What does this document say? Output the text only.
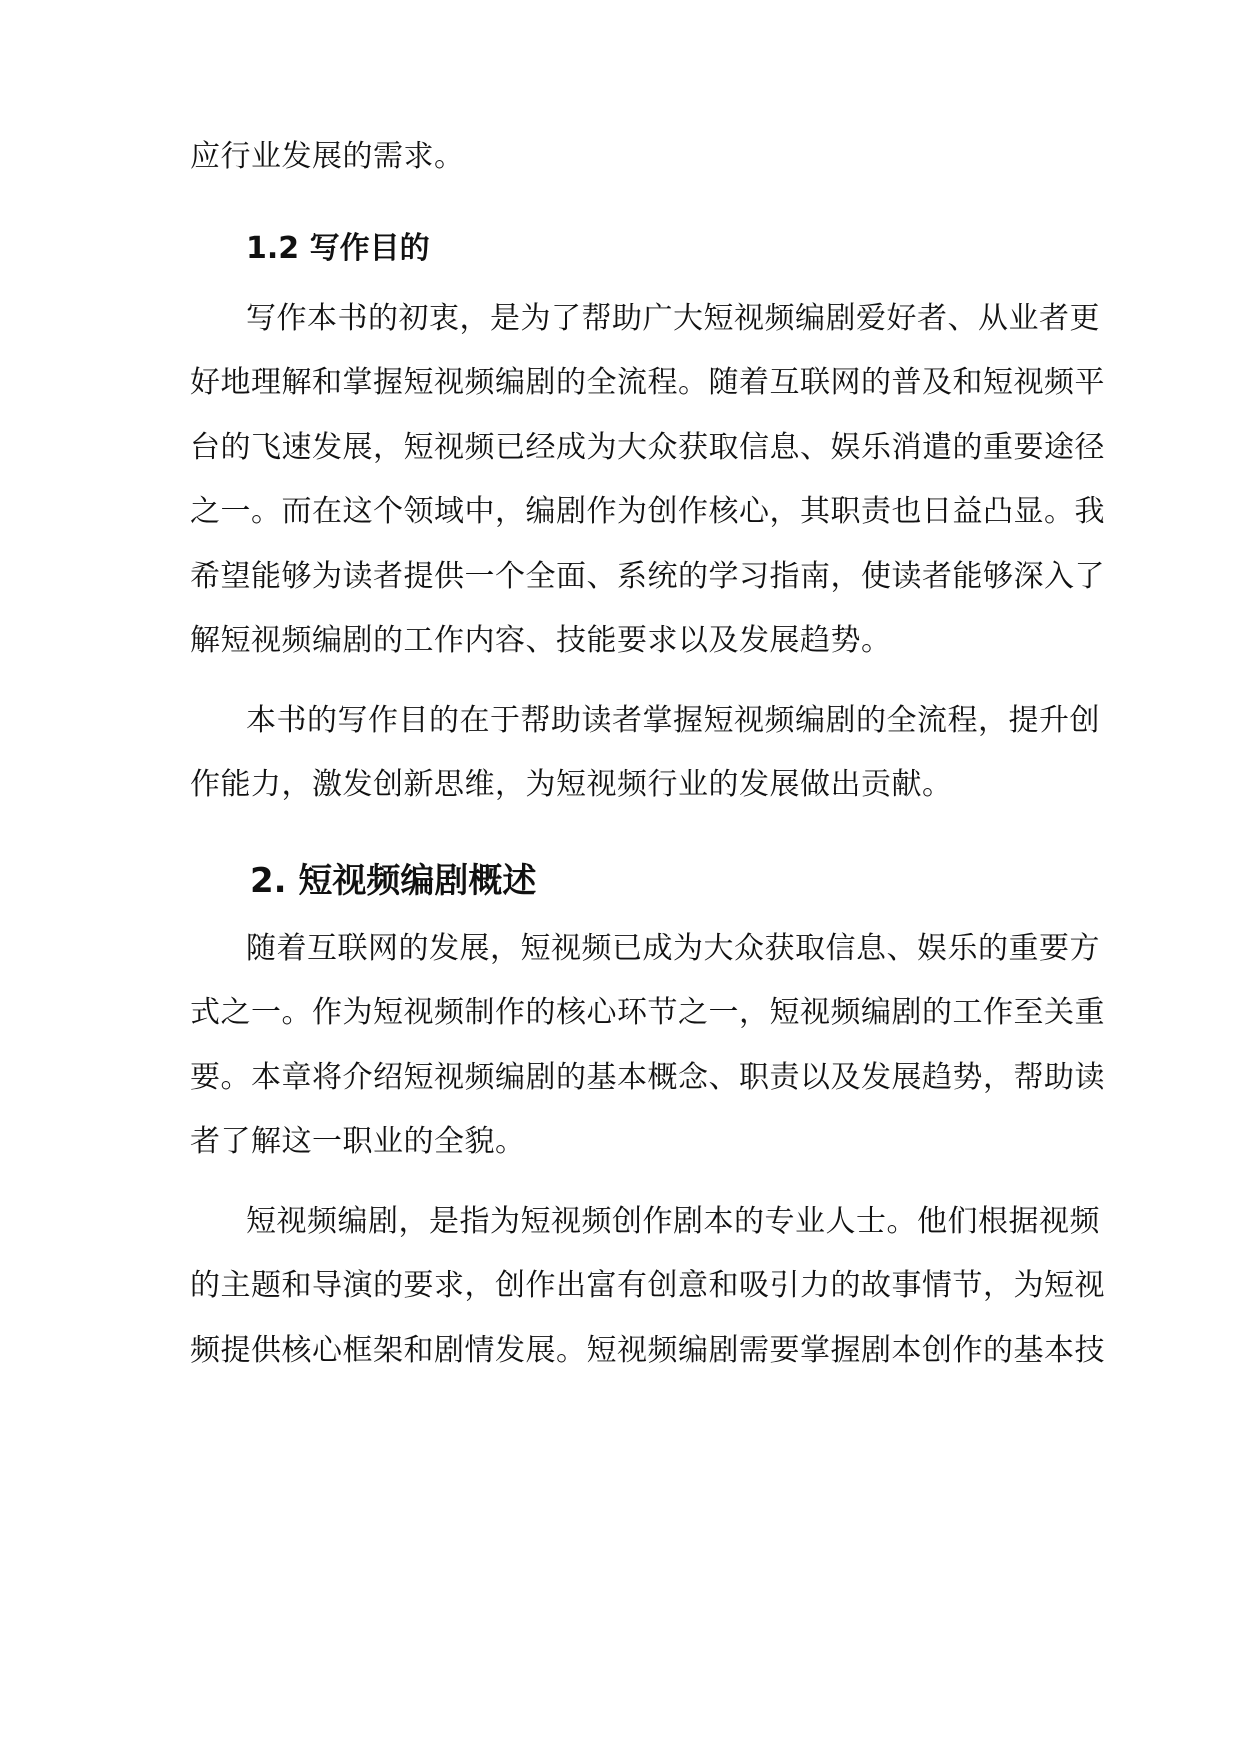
应行业发展的需求。
1.2 写作目的
写作本书的初衷，是为了帮助广大短视频编剧爱好者、从业者更
好地理解和掌握短视频编剧的全流程。随着互联网的普及和短视频平
台的飞速发展，短视频已经成为大众获取信息、娱乐消遣的重要途径
之一。而在这个领域中，编剧作为创作核心，其职责也日益凸显。我
希望能够为读者提供一个全面、系统的学习指南，使读者能够深入了
解短视频编剧的工作内容、技能要求以及发展趋势。
本书的写作目的在于帮助读者掌握短视频编剧的全流程，提升创
作能力，激发创新思维，为短视频行业的发展做出贡献。
2. 短视频编剧概述
随着互联网的发展，短视频已成为大众获取信息、娱乐的重要方
式之一。作为短视频制作的核心环节之一，短视频编剧的工作至关重
要。本章将介绍短视频编剧的基本概念、职责以及发展趋势，帮助读
者了解这一职业的全貌。
短视频编剧，是指为短视频创作剧本的专业人士。他们根据视频
的主题和导演的要求，创作出富有创意和吸引力的故事情节，为短视
频提供核心框架和剧情发展。短视频编剧需要掌握剧本创作的基本技
